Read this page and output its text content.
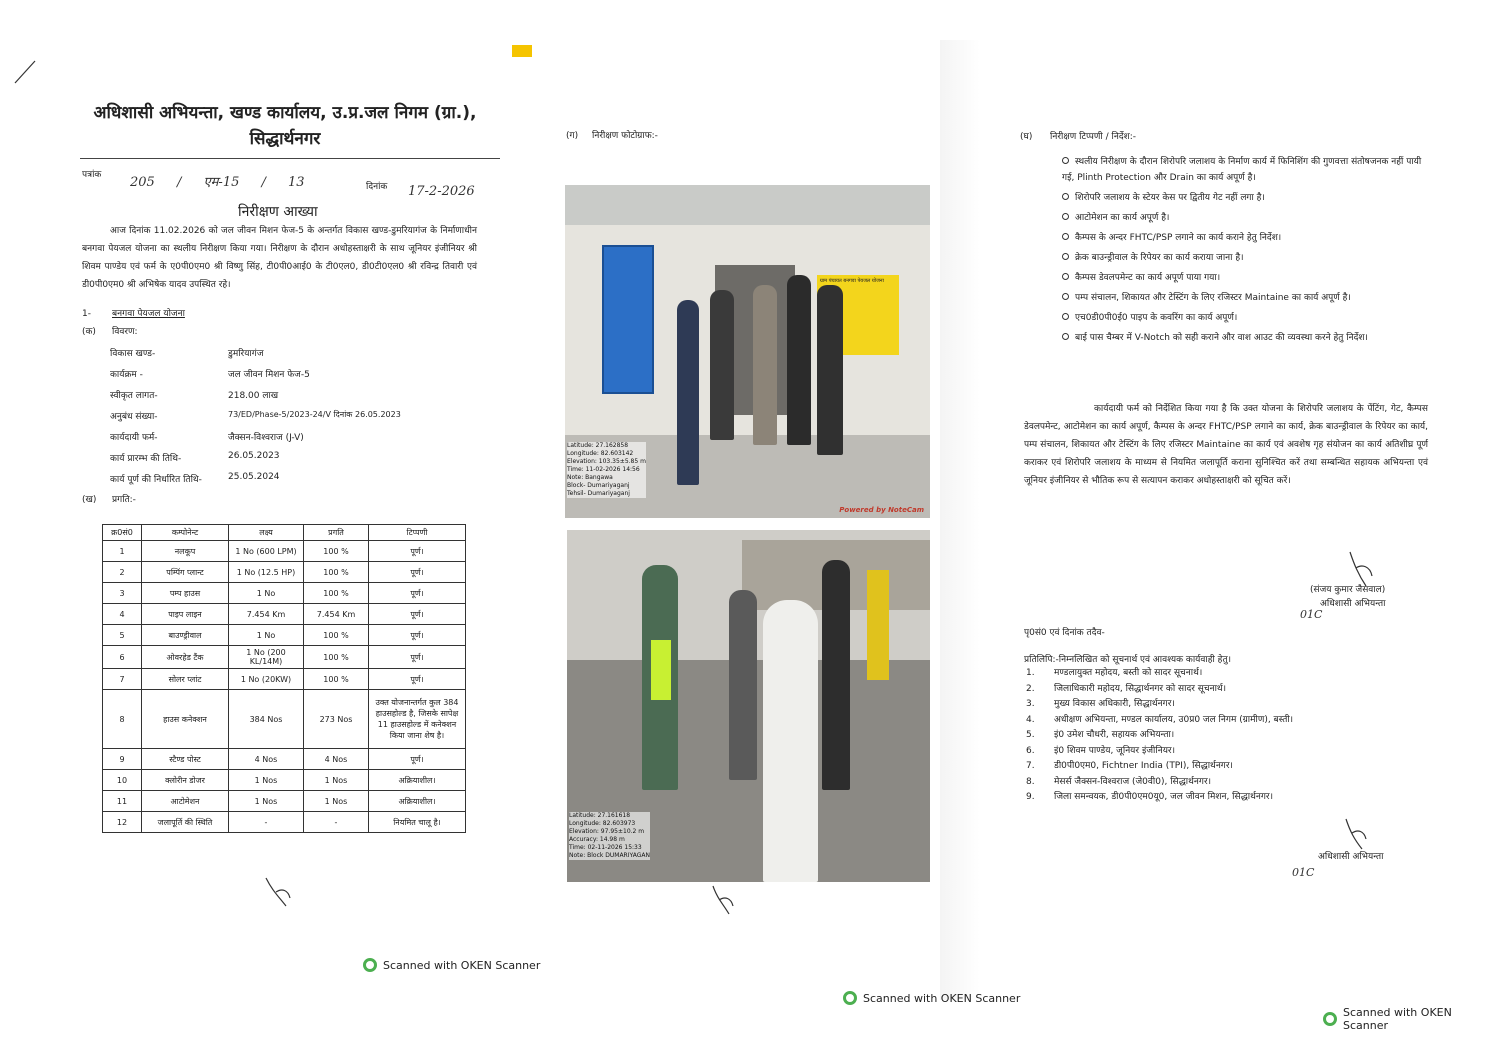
अधिशासी अभियन्ता, खण्ड कार्यालय, उ.प्र.जल निगम (ग्रा.),
सिद्धार्थनगर
पत्रांक 205 / एम-15 / 13	दिनांक 17-2-2026
निरीक्षण आख्या
आज दिनांक 11.02.2026 को जल जीवन मिशन फेज-5 के अन्तर्गत विकास खण्ड-डुमरियागंज के निर्माणाधीन बनगवा पेयजल योजना का स्थलीय निरीक्षण किया गया। निरीक्षण के दौरान अधोहस्ताक्षरी के साथ जूनियर इंजीनियर श्री शिवम पाण्डेय एवं फर्म के ए0पी0एम0 श्री विष्णु सिंह, टी0पी0आई0 के टी0एल0, डी0टी0एल0 श्री रविन्द्र तिवारी एवं डी0पी0एम0 श्री अभिषेक यादव उपस्थित रहे।
1- बनगवा पेयजल योजना
(क) विवरण:
विकास खण्ड-	डुमरियागंज
कार्यक्रम -	जल जीवन मिशन फेज-5
स्वीकृत लागत-	218.00 लाख
अनुबंध संख्या-	73/ED/Phase-5/2023-24/V दिनांक 26.05.2023
कार्यदायी फर्म-	जैक्सन-विश्वराज (J-V)
कार्य प्रारम्भ की तिथि-	26.05.2023
कार्य पूर्ण की निर्धारित तिथि-	25.05.2024
(ख) प्रगति:-
क्र0सं0	कम्पोनेन्ट	लक्ष्य	प्रगति	टिप्पणी
1	नलकूप	1 No (600 LPM)	100 %	पूर्ण।
2	पम्पिंग प्लान्ट	1 No (12.5 HP)	100 %	पूर्ण।
3	पम्प हाउस	1 No	100 %	पूर्ण।
4	पाइप लाइन	7.454 Km	7.454 Km	पूर्ण।
5	बाउण्ड्रीवाल	1 No	100 %	पूर्ण।
6	ओवरहेड टैंक	1 No (200 KL/14M)	100 %	पूर्ण।
7	सोलर प्लांट	1 No (20KW)	100 %	पूर्ण।
8	हाउस कनेक्शन	384 Nos	273 Nos	उक्त योजनान्तर्गत कुल 384 हाउसहोल्ड है, जिसके सापेक्ष 11 हाउसहोल्ड में कनेक्शन किया जाना शेष है।
9	स्टैण्ड पोस्ट	4 Nos	4 Nos	पूर्ण।
10	क्लोरीन डोजर	1 Nos	1 Nos	अक्रियाशील।
11	आटोमेशन	1 Nos	1 Nos	अक्रियाशील।
12	जलापूर्ति की स्थिति	-	-	नियमित चालू है।
Scanned with OKEN Scanner
(ग) निरीक्षण फोटोग्राफ:-
ग्राम पंचायत बनगवा पेयजल योजना
Latitude: 27.162858
Longitude: 82.603142
Elevation: 103.35±5.85 m
Time: 11-02-2026 14:56
Note: Bangawa
Block- Dumariyaganj
Tehsil- Dumariyaganj
Powered by NoteCam
Latitude: 27.161618
Longitude: 82.603973
Elevation: 97.95±10.2 m
Accuracy: 14.98 m
Time: 02-11-2026 15:33
Note: Block DUMARIYAGAN
Scanned with OKEN Scanner
(घ) निरीक्षण टिप्पणी / निर्देश:-
स्थलीय निरीक्षण के दौरान शिरोपरि जलाशय के निर्माण कार्य में फिनिशिंग की गुणवत्ता संतोषजनक नहीं पायी गई, Plinth Protection और Drain का कार्य अपूर्ण है।
शिरोपरि जलाशय के स्टेयर केस पर द्वितीय गेट नहीं लगा है।
आटोमेशन का कार्य अपूर्ण है।
कैम्पस के अन्दर FHTC/PSP लगाने का कार्य कराने हेतु निर्देश।
क्रेक बाउन्ड्रीवाल के रिपेयर का कार्य कराया जाना है।
कैम्पस डेवलपमेन्ट का कार्य अपूर्ण पाया गया।
पम्प संचालन, शिकायत और टेस्टिंग के लिए रजिस्टर Maintaine का कार्य अपूर्ण है।
एच0डी0पी0ई0 पाइप के कवरिंग का कार्य अपूर्ण।
बाई पास चैम्बर में V-Notch को सही कराने और वाश आउट की व्यवस्था करने हेतु निर्देश।
कार्यदायी फर्म को निर्देशित किया गया है कि उक्त योजना के शिरोपरि जलाशय के पेंटिंग, गेट, कैम्पस डेवलपमेन्ट, आटोमेशन का कार्य अपूर्ण, कैम्पस के अन्दर FHTC/PSP लगाने का कार्य, क्रेक बाउन्ड्रीवाल के रिपेयर का कार्य, पम्प संचालन, शिकायत और टेस्टिंग के लिए रजिस्टर Maintaine का कार्य एवं अवशेष गृह संयोजन का कार्य अतिशीघ्र पूर्ण कराकर एवं शिरोपरि जलाशय के माध्यम से नियमित जलापूर्ति कराना सुनिश्चित करें तथा सम्बन्धित सहायक अभियन्ता एवं जूनियर इंजीनियर से भौतिक रूप से सत्यापन कराकर अधोहस्ताक्षरी को सूचित करें।
(संजय कुमार जैसवाल)
अधिशासी अभियन्ता
01C
पृ0सं0 एवं दिनांक तदैव-
प्रतिलिपि:-निम्नलिखित को सूचनार्थ एवं आवश्यक कार्यवाही हेतु।
1. मण्डलायुक्त महोदय, बस्ती को सादर सूचनार्थ।
2. जिलाधिकारी महोदय, सिद्धार्थनगर को सादर सूचनार्थ।
3. मुख्य विकास अधिकारी, सिद्धार्थनगर।
4. अधीक्षण अभियन्ता, मण्डल कार्यालय, उ0प्र0 जल निगम (ग्रामीण), बस्ती।
5. इं0 उमेश चौधरी, सहायक अभियन्ता।
6. इं0 शिवम पाण्डेय, जूनियर इंजीनियर।
7. डी0पी0एम0, Fichtner India (TPI), सिद्धार्थनगर।
8. मेसर्स जैक्सन-विश्वराज (जे0वी0), सिद्धार्थनगर।
9. जिला समन्वयक, डी0पी0एम0यू0, जल जीवन मिशन, सिद्धार्थनगर।
अधिशासी अभियन्ता
01C
Scanned with OKEN Scanner
